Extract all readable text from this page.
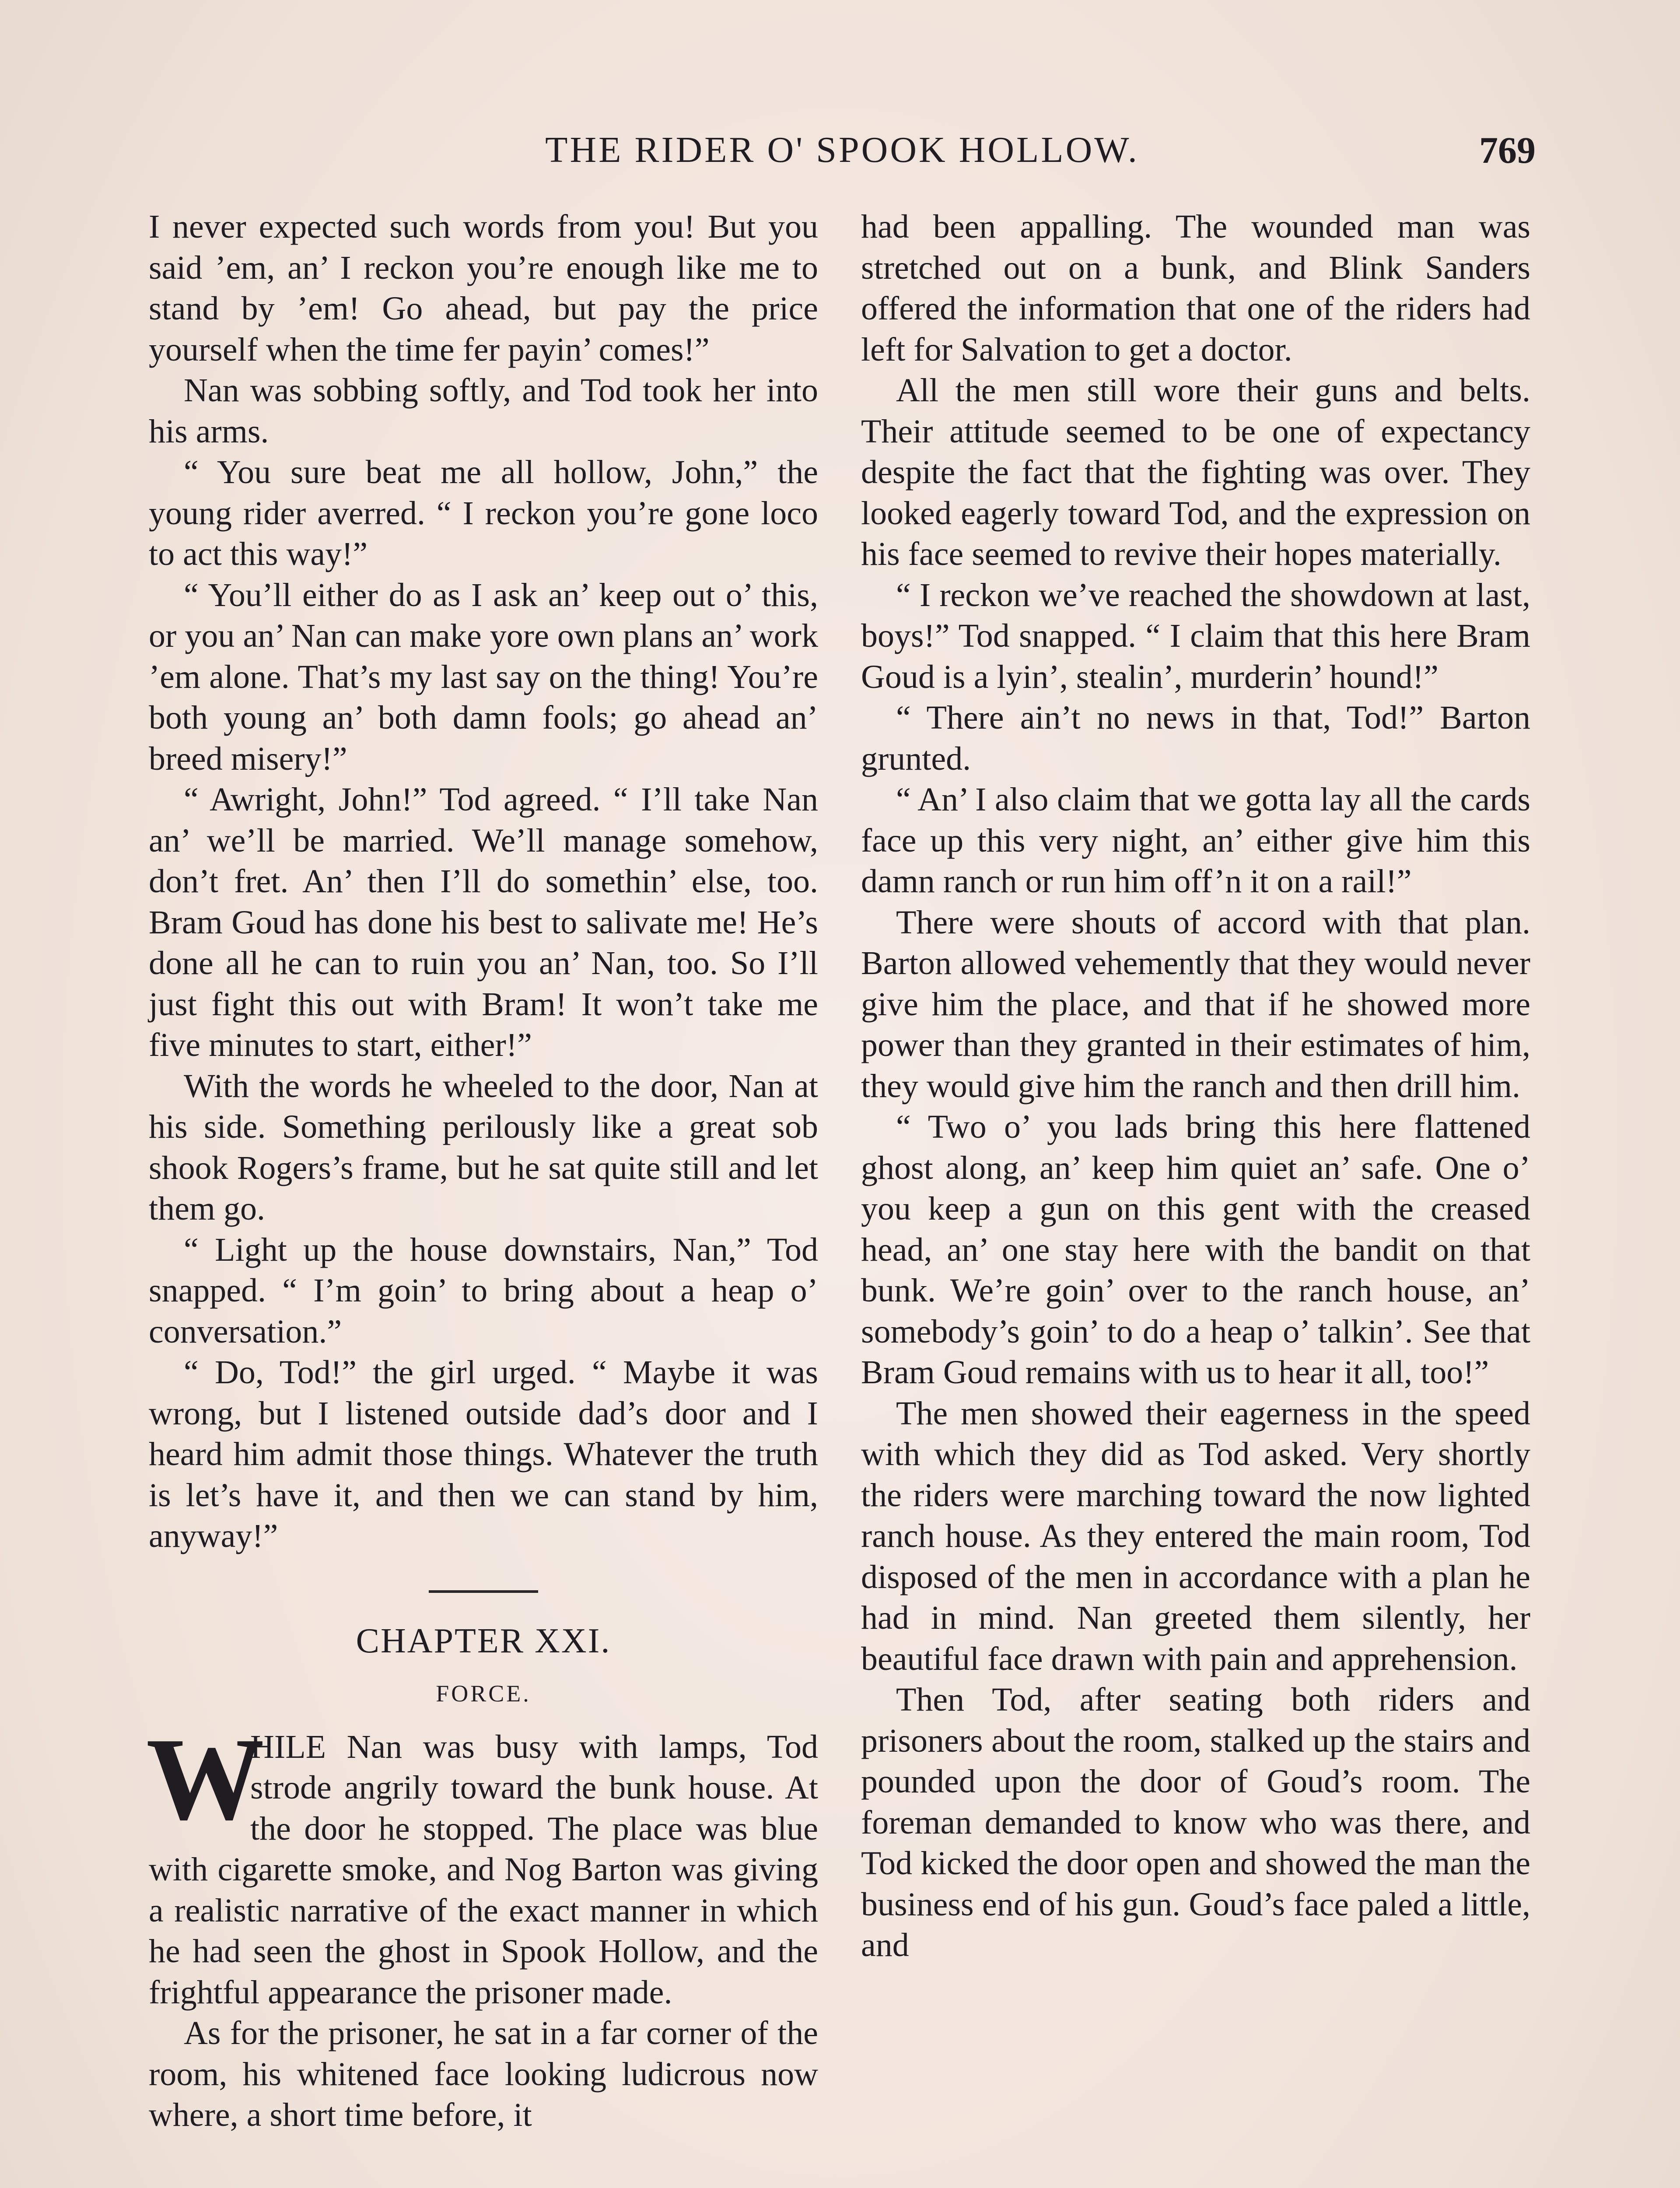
THE RIDER O' SPOOK HOLLOW.	769

I never expected such words from you! But you said ’em, an’ I reckon you’re enough like me to stand by ’em! Go ahead, but pay the price yourself when the time fer payin’ comes!”

Nan was sobbing softly, and Tod took her into his arms.

“ You sure beat me all hollow, John,” the young rider averred. “ I reckon you’re gone loco to act this way!”

“ You’ll either do as I ask an’ keep out o’ this, or you an’ Nan can make yore own plans an’ work ’em alone. That’s my last say on the thing! You’re both young an’ both damn fools; go ahead an’ breed misery!”

“ Awright, John!” Tod agreed. “ I’ll take Nan an’ we’ll be married. We’ll manage somehow, don’t fret. An’ then I’ll do somethin’ else, too. Bram Goud has done his best to salivate me! He’s done all he can to ruin you an’ Nan, too. So I’ll just fight this out with Bram! It won’t take me five minutes to start, either!”

With the words he wheeled to the door, Nan at his side. Something perilously like a great sob shook Rogers’s frame, but he sat quite still and let them go.

“ Light up the house downstairs, Nan,” Tod snapped. “ I’m goin’ to bring about a heap o’ conversation.”

“ Do, Tod!” the girl urged. “ Maybe it was wrong, but I listened outside dad’s door and I heard him admit those things. Whatever the truth is let’s have it, and then we can stand by him, anyway!”

CHAPTER XXI.
FORCE.

W
HILE Nan was busy with lamps, Tod strode angrily toward the bunk house. At the door he stopped. The place was blue with cigarette smoke, and Nog Barton was giving a realistic narrative of the exact manner in which he had seen the ghost in Spook Hollow, and the frightful appearance the prisoner made.

As for the prisoner, he sat in a far corner of the room, his whitened face looking ludicrous now where, a short time before, it

had been appalling. The wounded man was stretched out on a bunk, and Blink Sanders offered the information that one of the riders had left for Salvation to get a doctor.

All the men still wore their guns and belts. Their attitude seemed to be one of expectancy despite the fact that the fighting was over. They looked eagerly toward Tod, and the expression on his face seemed to revive their hopes materially.

“ I reckon we’ve reached the showdown at last, boys!” Tod snapped. “ I claim that this here Bram Goud is a lyin’, stealin’, murderin’ hound!”

“ There ain’t no news in that, Tod!” Barton grunted.

“ An’ I also claim that we gotta lay all the cards face up this very night, an’ either give him this damn ranch or run him off’n it on a rail!”

There were shouts of accord with that plan. Barton allowed vehemently that they would never give him the place, and that if he showed more power than they granted in their estimates of him, they would give him the ranch and then drill him.

“ Two o’ you lads bring this here flattened ghost along, an’ keep him quiet an’ safe. One o’ you keep a gun on this gent with the creased head, an’ one stay here with the bandit on that bunk. We’re goin’ over to the ranch house, an’ somebody’s goin’ to do a heap o’ talkin’. See that Bram Goud remains with us to hear it all, too!”

The men showed their eagerness in the speed with which they did as Tod asked. Very shortly the riders were marching toward the now lighted ranch house. As they entered the main room, Tod disposed of the men in accordance with a plan he had in mind. Nan greeted them silently, her beautiful face drawn with pain and apprehension.

Then Tod, after seating both riders and prisoners about the room, stalked up the stairs and pounded upon the door of Goud’s room. The foreman demanded to know who was there, and Tod kicked the door open and showed the man the business end of his gun. Goud’s face paled a little, and
